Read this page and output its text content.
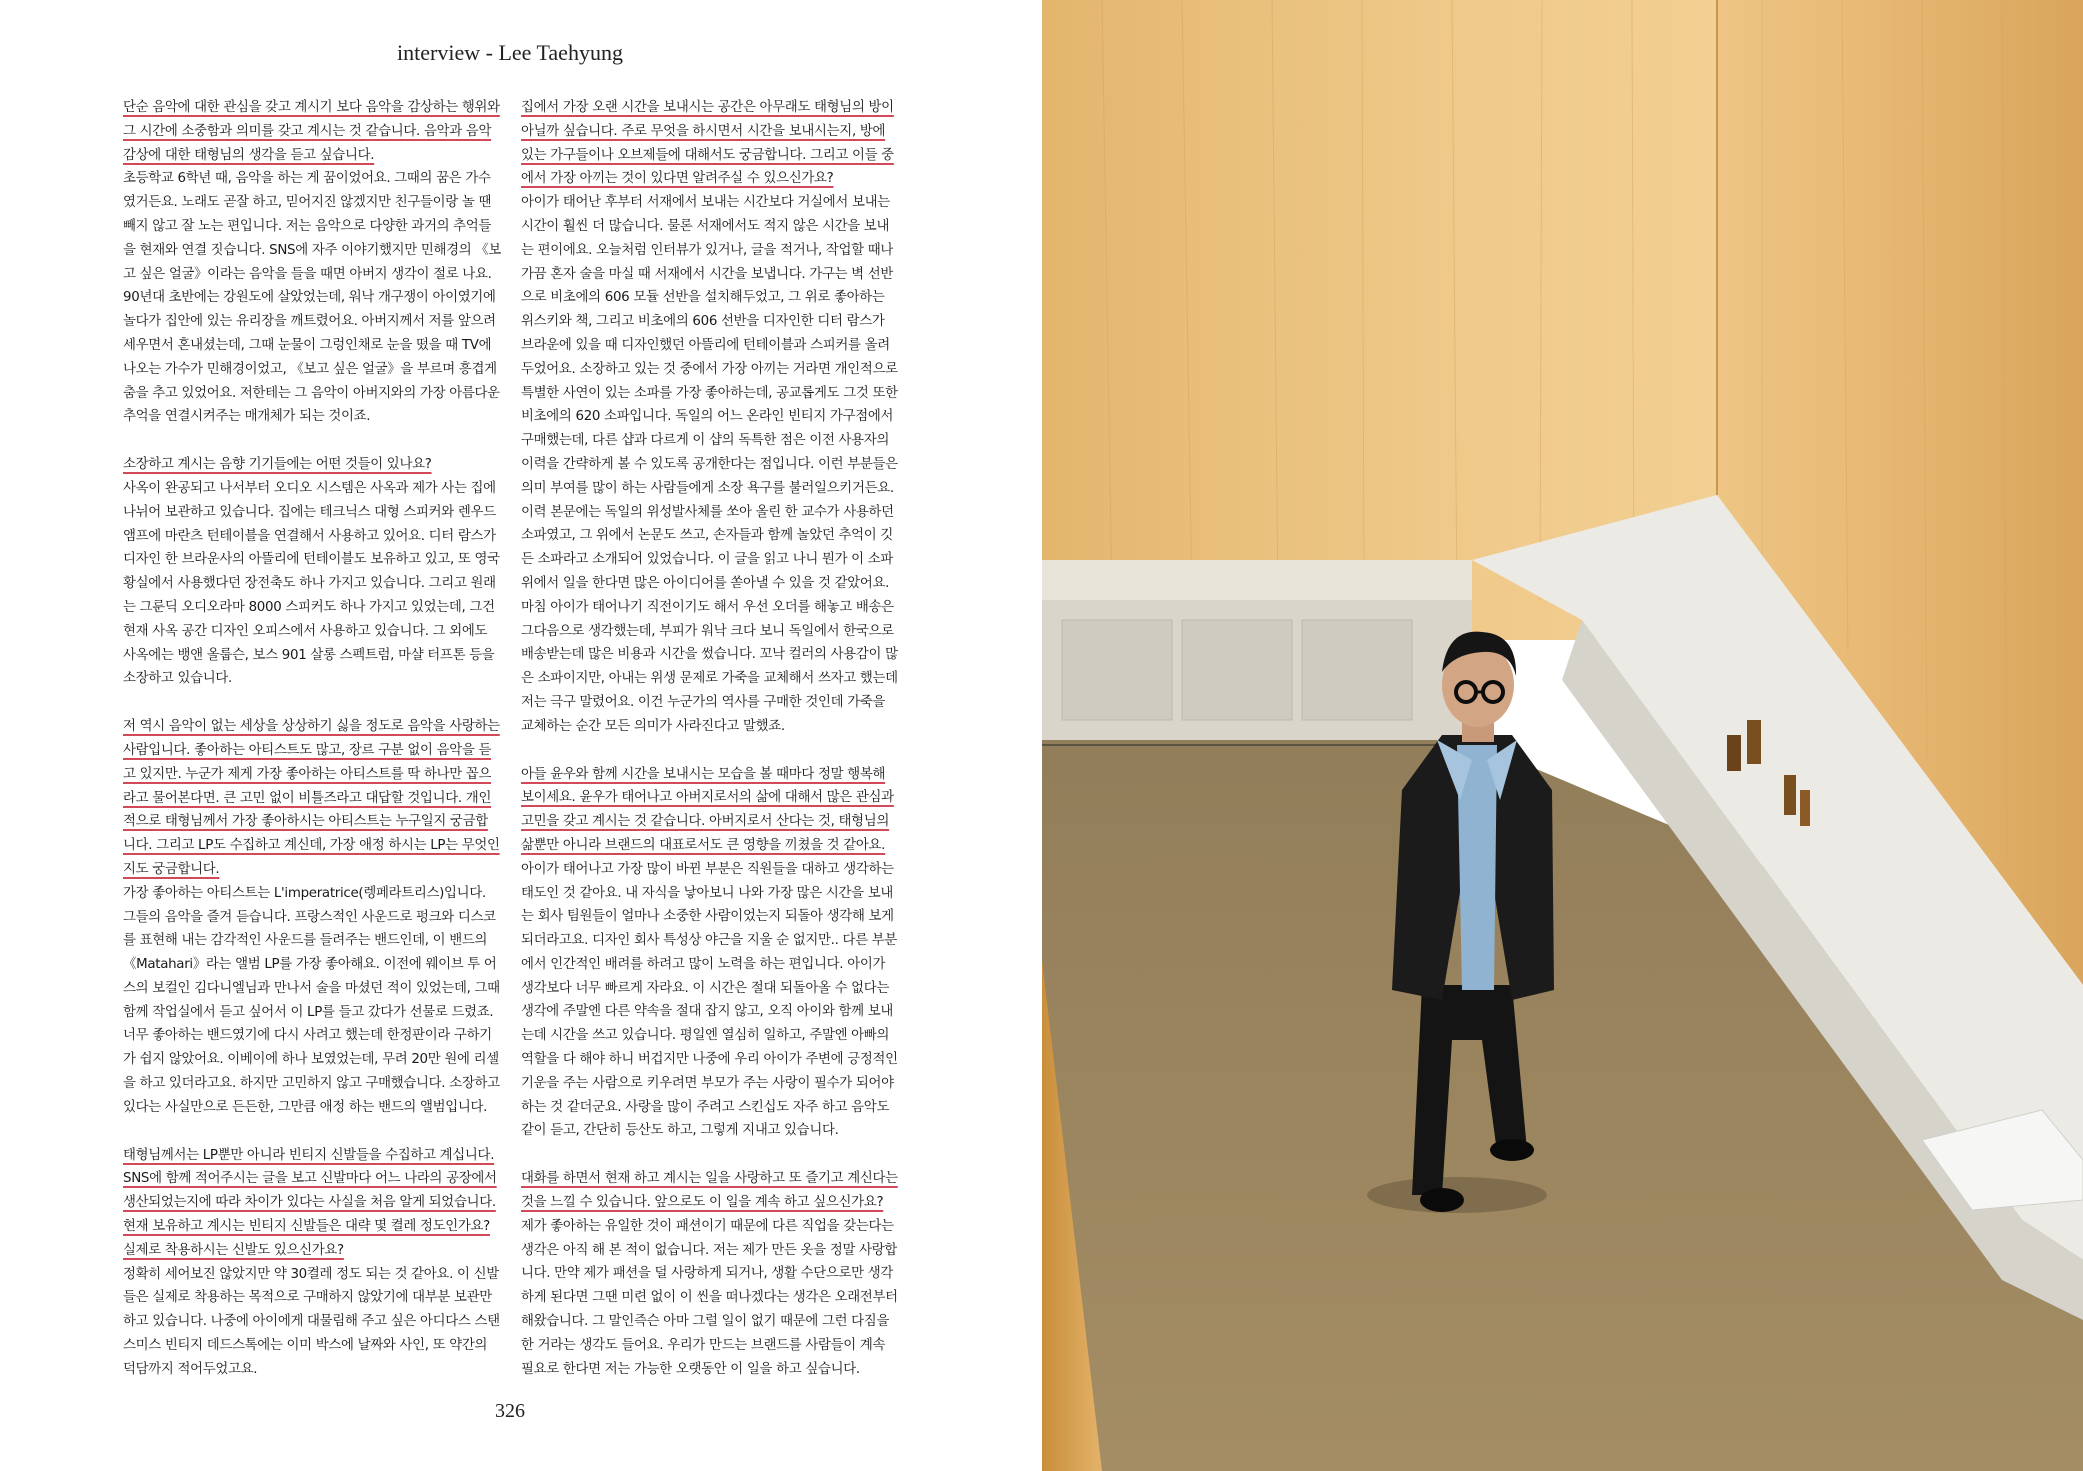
interview - Lee Taehyung
단순 음악에 대한 관심을 갖고 계시기 보다 음악을 감상하는 행위와
그 시간에 소중함과 의미를 갖고 계시는 것 같습니다. 음악과 음악
감상에 대한 태형님의 생각을 듣고 싶습니다.
초등학교 6학년 때, 음악을 하는 게 꿈이었어요. 그때의 꿈은 가수
였거든요. 노래도 곧잘 하고, 믿어지진 않겠지만 친구들이랑 놀 땐
빼지 않고 잘 노는 편입니다. 저는 음악으로 다양한 과거의 추억들
을 현재와 연결 짓습니다. SNS에 자주 이야기했지만 민해경의 《보
고 싶은 얼굴》이라는 음악을 들을 때면 아버지 생각이 절로 나요.
90년대 초반에는 강원도에 살았었는데, 워낙 개구쟁이 아이였기에
놀다가 집안에 있는 유리장을 깨트렸어요. 아버지께서 저를 앞으려
세우면서 혼내셨는데, 그때 눈물이 그렁인채로 눈을 떴을 때 TV에
나오는 가수가 민해경이었고, 《보고 싶은 얼굴》을 부르며 흥겹게
춤을 추고 있었어요. 저한테는 그 음악이 아버지와의 가장 아름다운
추억을 연결시켜주는 매개체가 되는 것이죠.
소장하고 계시는 음향 기기들에는 어떤 것들이 있나요?
사옥이 완공되고 나서부터 오디오 시스템은 사옥과 제가 사는 집에
나뉘어 보관하고 있습니다. 집에는 테크닉스 대형 스피커와 렌우드
앰프에 마란츠 턴테이블을 연결해서 사용하고 있어요. 디터 람스가
디자인 한 브라운사의 아뜰리에 턴테이블도 보유하고 있고, 또 영국
황실에서 사용했다던 장전축도 하나 가지고 있습니다. 그리고 원래
는 그룬딕 오디오라마 8000 스피커도 하나 가지고 있었는데, 그건
현재 사옥 공간 디자인 오피스에서 사용하고 있습니다. 그 외에도
사옥에는 뱅앤 올룹슨, 보스 901 살롱 스펙트럼, 마샬 터프톤 등을
소장하고 있습니다.
저 역시 음악이 없는 세상을 상상하기 싫을 정도로 음악을 사랑하는
사람입니다. 좋아하는 아티스트도 많고, 장르 구분 없이 음악을 듣
고 있지만. 누군가 제게 가장 좋아하는 아티스트를 딱 하나만 꼽으
라고 물어본다면. 큰 고민 없이 비틀즈라고 대답할 것입니다. 개인
적으로 태형님께서 가장 좋아하시는 아티스트는 누구일지 궁금합
니다. 그리고 LP도 수집하고 계신데, 가장 애정 하시는 LP는 무엇인
지도 궁금합니다.
가장 좋아하는 아티스트는 L'imperatrice(렝페라트리스)입니다.
그들의 음악을 즐겨 듣습니다. 프랑스적인 사운드로 펑크와 디스코
를 표현해 내는 감각적인 사운드를 들려주는 밴드인데, 이 밴드의
《Matahari》라는 앨범 LP를 가장 좋아해요. 이전에 웨이브 투 어
스의 보컬인 김다니엘님과 만나서 술을 마셨던 적이 있었는데, 그때
함께 작업실에서 듣고 싶어서 이 LP를 들고 갔다가 선물로 드렸죠.
너무 좋아하는 밴드였기에 다시 사려고 했는데 한정판이라 구하기
가 쉽지 않았어요. 이베이에 하나 보였었는데, 무려 20만 원에 리셀
을 하고 있더라고요. 하지만 고민하지 않고 구매했습니다. 소장하고
있다는 사실만으로 든든한, 그만큼 애정 하는 밴드의 앨범입니다.
태형님께서는 LP뿐만 아니라 빈티지 신발들을 수집하고 계십니다.
SNS에 함께 적어주시는 글을 보고 신발마다 어느 나라의 공장에서
생산되었는지에 따라 차이가 있다는 사실을 처음 알게 되었습니다.
현재 보유하고 계시는 빈티지 신발들은 대략 몇 켤레 정도인가요?
실제로 착용하시는 신발도 있으신가요?
정확히 세어보진 않았지만 약 30켤레 정도 되는 것 같아요. 이 신발
들은 실제로 착용하는 목적으로 구매하지 않았기에 대부분 보관만
하고 있습니다. 나중에 아이에게 대물림해 주고 싶은 아디다스 스탠
스미스 빈티지 데드스톡에는 이미 박스에 날짜와 사인, 또 약간의
덕담까지 적어두었고요.
집에서 가장 오랜 시간을 보내시는 공간은 아무래도 태형님의 방이
아닐까 싶습니다. 주로 무엇을 하시면서 시간을 보내시는지, 방에
있는 가구들이나 오브제들에 대해서도 궁금합니다. 그리고 이들 중
에서 가장 아끼는 것이 있다면 알려주실 수 있으신가요?
아이가 태어난 후부터 서재에서 보내는 시간보다 거실에서 보내는
시간이 훨씬 더 많습니다. 물론 서재에서도 적지 않은 시간을 보내
는 편이에요. 오늘처럼 인터뷰가 있거나, 글을 적거나, 작업할 때나
가끔 혼자 술을 마실 때 서재에서 시간을 보냅니다. 가구는 벽 선반
으로 비초에의 606 모듈 선반을 설치해두었고, 그 위로 좋아하는
위스키와 책, 그리고 비초에의 606 선반을 디자인한 디터 람스가
브라운에 있을 때 디자인했던 아뜰리에 턴테이블과 스피커를 올려
두었어요. 소장하고 있는 것 중에서 가장 아끼는 거라면 개인적으로
특별한 사연이 있는 소파를 가장 좋아하는데, 공교롭게도 그것 또한
비초에의 620 소파입니다. 독일의 어느 온라인 빈티지 가구점에서
구매했는데, 다른 샵과 다르게 이 샵의 독특한 점은 이전 사용자의
이력을 간략하게 볼 수 있도록 공개한다는 점입니다. 이런 부분들은
의미 부여를 많이 하는 사람들에게 소장 욕구를 불러일으키거든요.
이력 본문에는 독일의 위성발사체를 쏘아 올린 한 교수가 사용하던
소파였고, 그 위에서 논문도 쓰고, 손자들과 함께 놀았던 추억이 깃
든 소파라고 소개되어 있었습니다. 이 글을 읽고 나니 뭔가 이 소파
위에서 일을 한다면 많은 아이디어를 쏟아낼 수 있을 것 같았어요.
마침 아이가 태어나기 직전이기도 해서 우선 오더를 해놓고 배송은
그다음으로 생각했는데, 부피가 워낙 크다 보니 독일에서 한국으로
배송받는데 많은 비용과 시간을 썼습니다. 꼬낙 컬러의 사용감이 많
은 소파이지만, 아내는 위생 문제로 가죽을 교체해서 쓰자고 했는데
저는 극구 말렸어요. 이건 누군가의 역사를 구매한 것인데 가죽을
교체하는 순간 모든 의미가 사라진다고 말했죠.
아들 윤우와 함께 시간을 보내시는 모습을 볼 때마다 정말 행복해
보이세요. 윤우가 태어나고 아버지로서의 삶에 대해서 많은 관심과
고민을 갖고 계시는 것 같습니다. 아버지로서 산다는 것, 태형님의
삶뿐만 아니라 브랜드의 대표로서도 큰 영향을 끼쳤을 것 같아요.
아이가 태어나고 가장 많이 바뀐 부분은 직원들을 대하고 생각하는
태도인 것 같아요. 내 자식을 낳아보니 나와 가장 많은 시간을 보내
는 회사 팀원들이 얼마나 소중한 사람이었는지 되돌아 생각해 보게
되더라고요. 디자인 회사 특성상 야근을 지울 순 없지만.. 다른 부분
에서 인간적인 배려를 하려고 많이 노력을 하는 편입니다. 아이가
생각보다 너무 빠르게 자라요. 이 시간은 절대 되돌아올 수 없다는
생각에 주말엔 다른 약속을 절대 잡지 않고, 오직 아이와 함께 보내
는데 시간을 쓰고 있습니다. 평일엔 열심히 일하고, 주말엔 아빠의
역할을 다 해야 하니 버겁지만 나중에 우리 아이가 주변에 긍정적인
기운을 주는 사람으로 키우려면 부모가 주는 사랑이 필수가 되어야
하는 것 같더군요. 사랑을 많이 주려고 스킨십도 자주 하고 음악도
같이 듣고, 간단히 등산도 하고, 그렇게 지내고 있습니다.
대화를 하면서 현재 하고 계시는 일을 사랑하고 또 즐기고 계신다는
것을 느낄 수 있습니다. 앞으로도 이 일을 계속 하고 싶으신가요?
제가 좋아하는 유일한 것이 패션이기 때문에 다른 직업을 갖는다는
생각은 아직 해 본 적이 없습니다. 저는 제가 만든 옷을 정말 사랑합
니다. 만약 제가 패션을 덜 사랑하게 되거나, 생활 수단으로만 생각
하게 된다면 그땐 미련 없이 이 씬을 떠나겠다는 생각은 오래전부터
해왔습니다. 그 말인즉슨 아마 그럴 일이 없기 때문에 그런 다짐을
한 거라는 생각도 들어요. 우리가 만드는 브랜드를 사람들이 계속
필요로 한다면 저는 가능한 오랫동안 이 일을 하고 싶습니다.
326
